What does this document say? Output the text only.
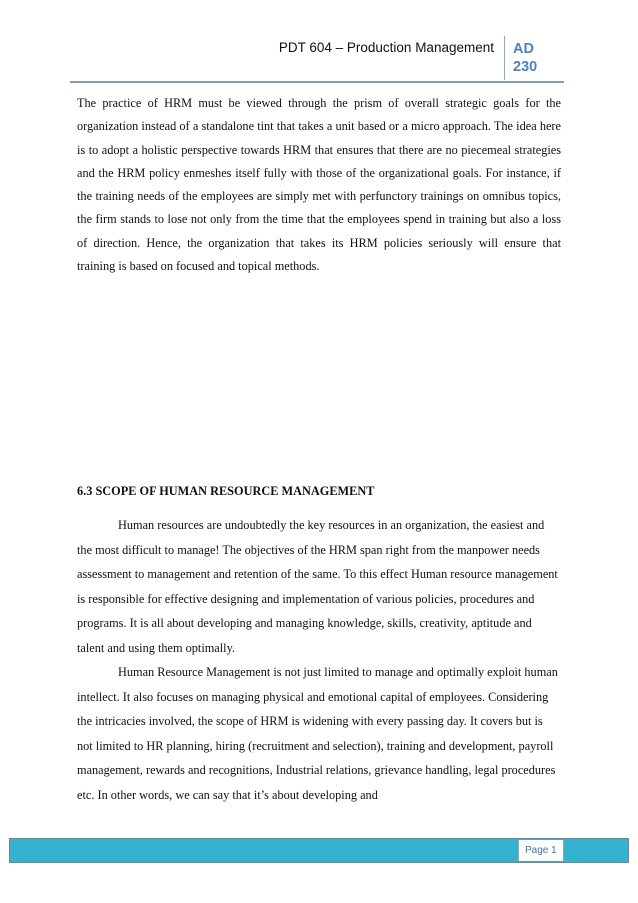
PDT 604 – Production Management AD
230

The practice of HRM must be viewed through the prism of overall strategic goals for the organization instead of a standalone tint that takes a unit based or a micro approach. The idea here is to adopt a holistic perspective towards HRM that ensures that there are no piecemeal strategies and the HRM policy enmeshes itself fully with those of the organizational goals. For instance, if the training needs of the employees are simply met with perfunctory trainings on omnibus topics, the firm stands to lose not only from the time that the employees spend in training but also a loss of direction. Hence, the organization that takes its HRM policies seriously will ensure that training is based on focused and topical methods.

6.3 SCOPE OF HUMAN RESOURCE MANAGEMENT

Human resources are undoubtedly the key resources in an organization, the easiest and the most difficult to manage! The objectives of the HRM span right from the manpower needs assessment to management and retention of the same. To this effect Human resource management is responsible for effective designing and implementation of various policies, procedures and programs. It is all about developing and managing knowledge, skills, creativity, aptitude and talent and using them optimally.

Human Resource Management is not just limited to manage and optimally exploit human intellect. It also focuses on managing physical and emotional capital of employees. Considering the intricacies involved, the scope of HRM is widening with every passing day. It covers but is not limited to HR planning, hiring (recruitment and selection), training and development, payroll management, rewards and recognitions, Industrial relations, grievance handling, legal procedures etc. In other words, we can say that it’s about developing and

Page 1
